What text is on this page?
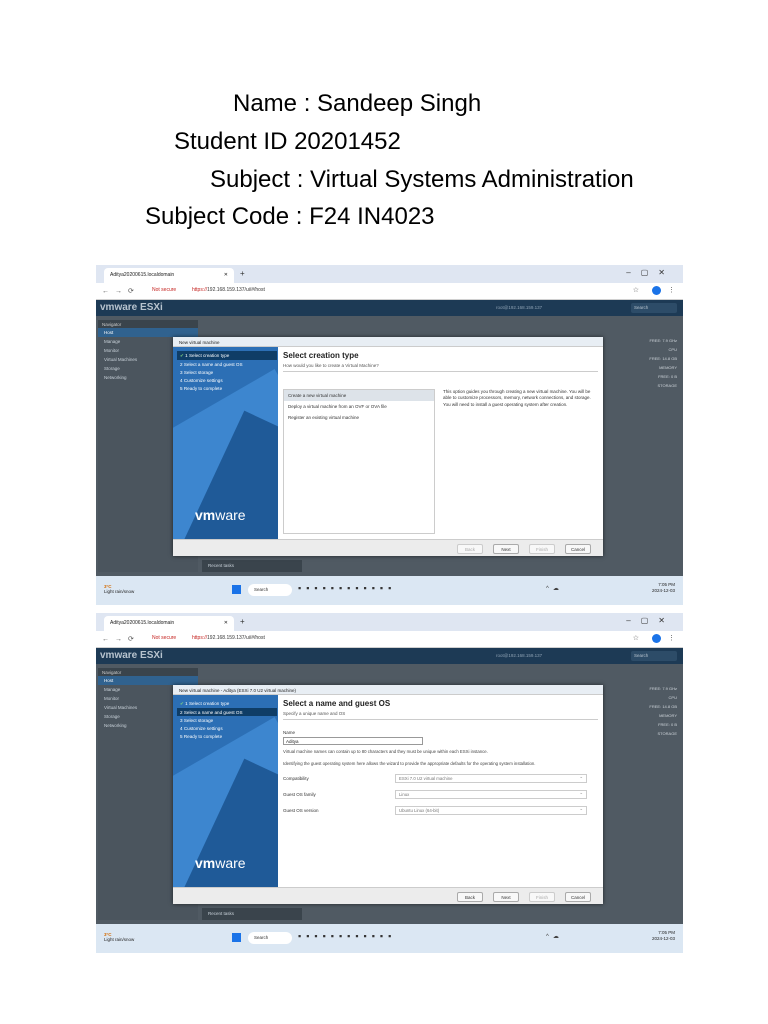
Name : Sandeep Singh
Student ID 20201452
Subject : Virtual Systems Administration
Subject Code : F24 IN4023
Aditya20200615.localdomain	✕ +	–▢✕
←→⟳ Not secure	https://192.168.159.137/ui/#/host	☆	⋮
vmware ESXi	root@192.168.159.137	Search
Navigator
Host
Manage
Monitor
Virtual Machines
Storage
Networking
FREE: 7.9 GHz
CPU
FREE: 14.8 GB
MEMORY
FREE: 0 B
STORAGE
Recent tasks
New virtual machine
✔ 1 Select creation type
2 Select a name and guest OS
3 Select storage
4 Customize settings
5 Ready to complete
vmware
Select creation type
How would you like to create a Virtual Machine?
Create a new virtual machine
Deploy a virtual machine from an OVF or OVA file
Register an existing virtual machine
This option guides you through creating a new virtual machine. You will be able to customize processors, memory, network connections, and storage. You will need to install a guest operating system after creation.
Back	Next	Finish	Cancel
3°C
Light rain/snow	Search	▪▪▪▪▪▪▪▪▪▪▪▪	^☁
7:05 PM
2024-12-03
Aditya20200615.localdomain	✕ +	–▢✕
←→⟳ Not secure	https://192.168.159.137/ui/#/host	☆	⋮
vmware ESXi	root@192.168.159.137	Search
Navigator
Host
Manage
Monitor
Virtual Machines
Storage
Networking
FREE: 7.9 GHz
CPU
FREE: 14.8 GB
MEMORY
FREE: 0 B
STORAGE
Recent tasks
New virtual machine - Aditya (ESXi 7.0 U2 virtual machine)
✔ 1 Select creation type
2 Select a name and guest OS
3 Select storage
4 Customize settings
5 Ready to complete
vmware
Select a name and guest OS
Specify a unique name and OS
Name
Aditya
Virtual machine names can contain up to 80 characters and they must be unique within each ESXi instance.
Identifying the guest operating system here allows the wizard to provide the appropriate defaults for the operating system installation.
Compatibility	ESXi 7.0 U2 virtual machine ⌄
Guest OS family	Linux ⌄
Guest OS version	Ubuntu Linux (64-bit) ⌄
Back	Next	Finish	Cancel
3°C
Light rain/snow	Search	▪▪▪▪▪▪▪▪▪▪▪▪	^☁
7:05 PM
2024-12-03
